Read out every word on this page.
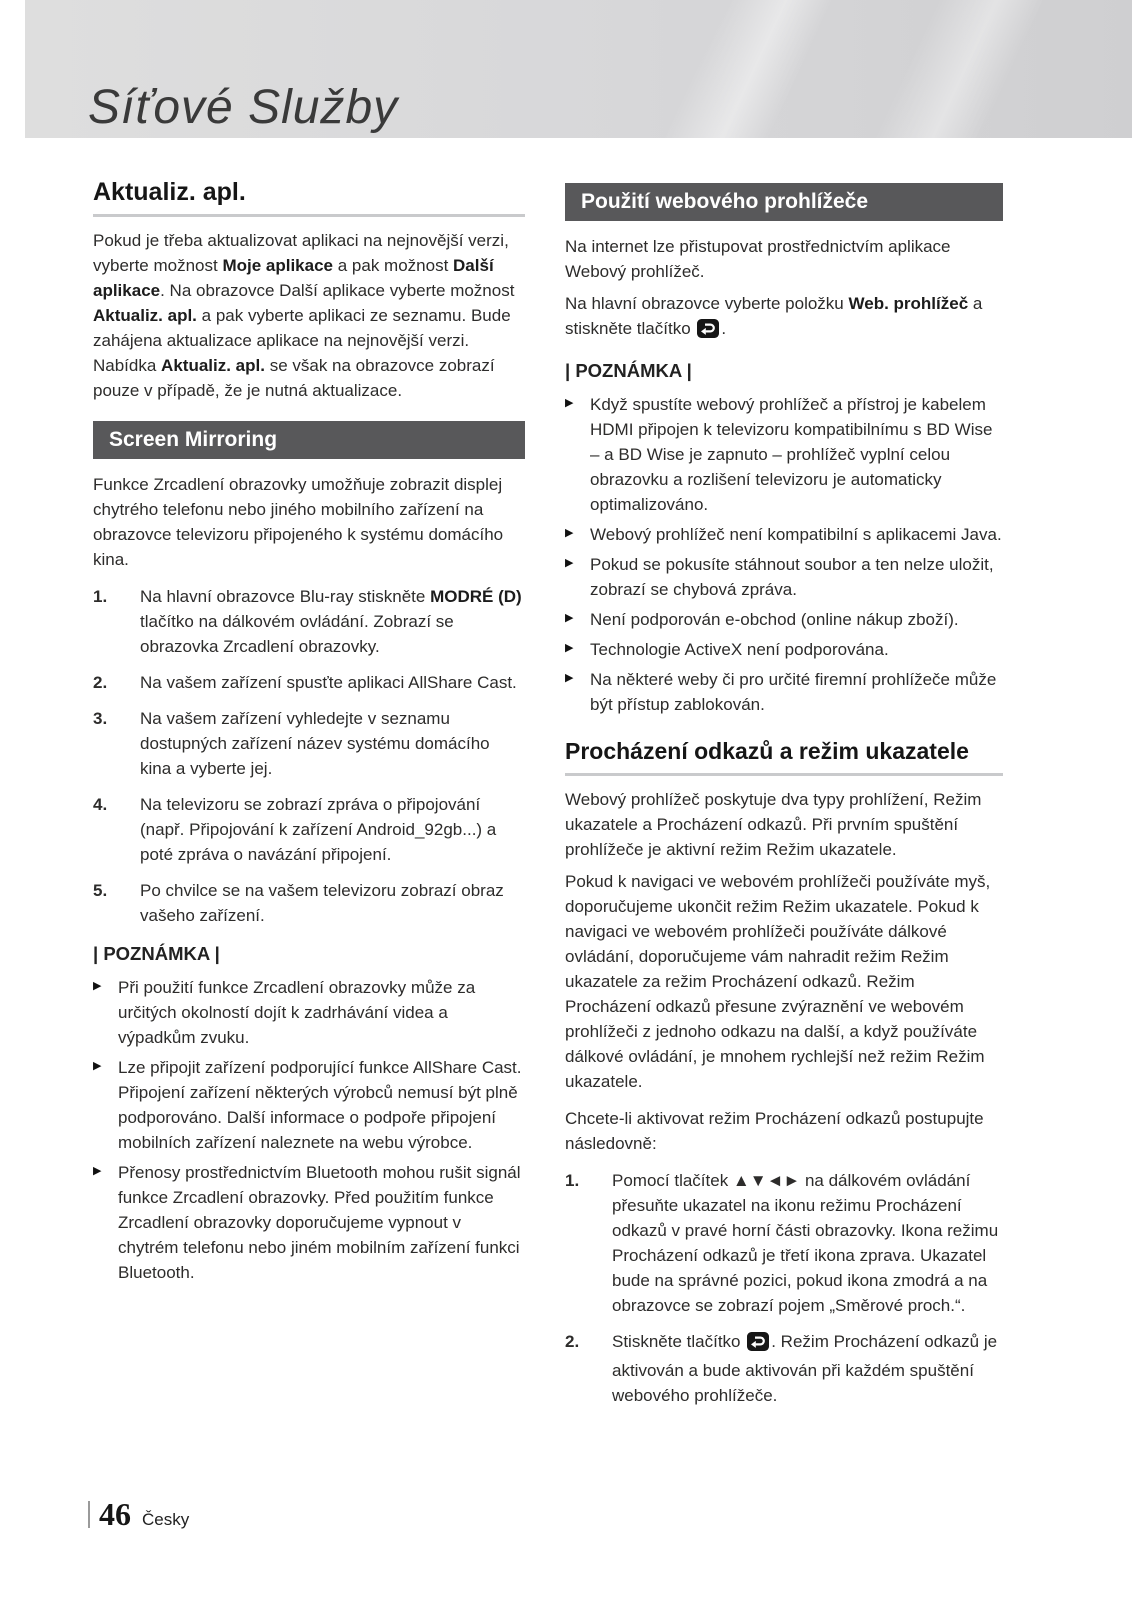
Síťové Služby
Aktualiz. apl.

Pokud je třeba aktualizovat aplikaci na nejnovější verzi, vyberte možnost Moje aplikace a pak možnost Další aplikace. Na obrazovce Další aplikace vyberte možnost Aktualiz. apl. a pak vyberte aplikaci ze seznamu. Bude zahájena aktualizace aplikace na nejnovější verzi. Nabídka Aktualiz. apl. se však na obrazovce zobrazí pouze v případě, že je nutná aktualizace.

Screen Mirroring

Funkce Zrcadlení obrazovky umožňuje zobrazit displej chytrého telefonu nebo jiného mobilního zařízení na obrazovce televizoru připojeného k systému domácího kina.

1.	Na hlavní obrazovce Blu-ray stiskněte MODRÉ (D) tlačítko na dálkovém ovládání. Zobrazí se obrazovka Zrcadlení obrazovky.
2.	Na vašem zařízení spusťte aplikaci AllShare Cast.
3.	Na vašem zařízení vyhledejte v seznamu dostupných zařízení název systému domácího kina a vyberte jej.
4.	Na televizoru se zobrazí zpráva o připojování (např. Připojování k zařízení Android_92gb...) a poté zpráva o navázání připojení.
5.	Po chvilce se na vašem televizoru zobrazí obraz vašeho zařízení.
| POZNÁMKA |
▶ Při použití funkce Zrcadlení obrazovky může za určitých okolností dojít k zadrhávání videa a výpadkům zvuku.
▶ Lze připojit zařízení podporující funkce AllShare Cast. Připojení zařízení některých výrobců nemusí být plně podporováno. Další informace o podpoře připojení mobilních zařízení naleznete na webu výrobce.
▶ Přenosy prostřednictvím Bluetooth mohou rušit signál funkce Zrcadlení obrazovky. Před použitím funkce Zrcadlení obrazovky doporučujeme vypnout v chytrém telefonu nebo jiném mobilním zařízení funkci Bluetooth.
Použití webového prohlížeče

Na internet lze přistupovat prostřednictvím aplikace Webový prohlížeč.

Na hlavní obrazovce vyberte položku Web. prohlížeč a stiskněte tlačítko .

| POZNÁMKA |
▶ Když spustíte webový prohlížeč a přístroj je kabelem HDMI připojen k televizoru kompatibilnímu s BD Wise – a BD Wise je zapnuto – prohlížeč vyplní celou obrazovku a rozlišení televizoru je automaticky optimalizováno.
▶ Webový prohlížeč není kompatibilní s aplikacemi Java.
▶ Pokud se pokusíte stáhnout soubor a ten nelze uložit, zobrazí se chybová zpráva.
▶ Není podporován e-obchod (online nákup zboží).
▶ Technologie ActiveX není podporována.
▶ Na některé weby či pro určité firemní prohlížeče může být přístup zablokován.
Procházení odkazů a režim ukazatele

Webový prohlížeč poskytuje dva typy prohlížení, Režim ukazatele a Procházení odkazů. Při prvním spuštění prohlížeče je aktivní režim Režim ukazatele.

Pokud k navigaci ve webovém prohlížeči používáte myš, doporučujeme ukončit režim Režim ukazatele. Pokud k navigaci ve webovém prohlížeči používáte dálkové ovládání, doporučujeme vám nahradit režim Režim ukazatele za režim Procházení odkazů. Režim Procházení odkazů přesune zvýraznění ve webovém prohlížeči z jednoho odkazu na další, a když používáte dálkové ovládání, je mnohem rychlejší než režim Režim ukazatele.

Chcete-li aktivovat režim Procházení odkazů postupujte následovně:

1.	Pomocí tlačítek ▲▼◄► na dálkovém ovládání přesuňte ukazatel na ikonu režimu Procházení odkazů v pravé horní části obrazovky. Ikona režimu Procházení odkazů je třetí ikona zprava. Ukazatel bude na správné pozici, pokud ikona zmodrá a na obrazovce se zobrazí pojem „Směrové proch.“.
2.	Stiskněte tlačítko . Režim Procházení odkazů je aktivován a bude aktivován při každém spuštění webového prohlížeče.
46 Česky
